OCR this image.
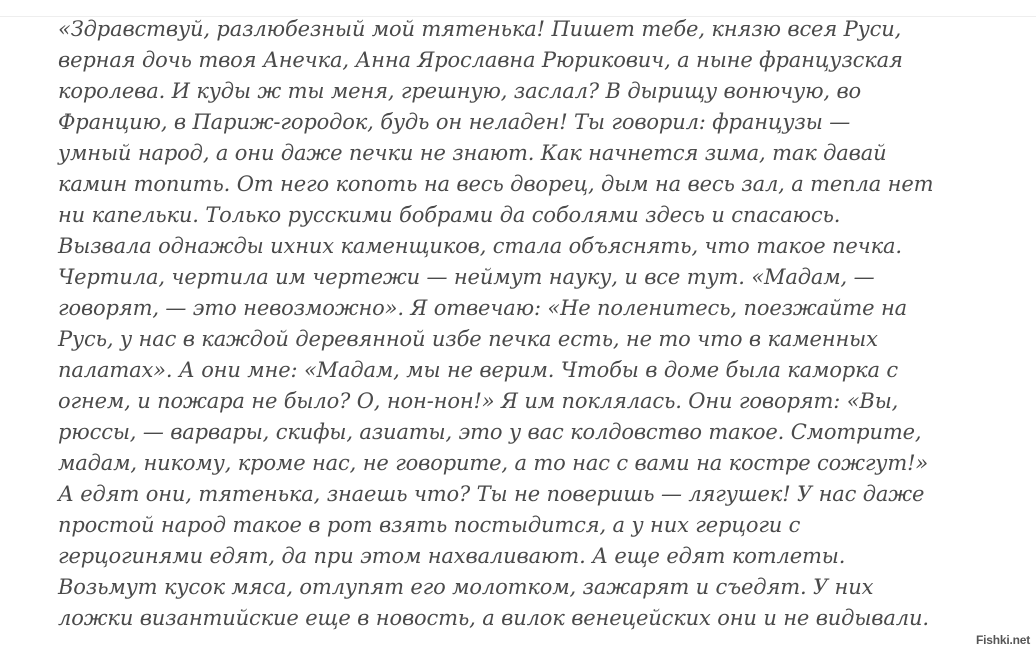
«Здравствуй, разлюбезный мой тятенька! Пишет тебе, князю всея Руси,
верная дочь твоя Анечка, Анна Ярославна Рюрикович, а ныне французская
королева. И куды ж ты меня, грешную, заслал? В дырищу вонючую, во
Францию, в Париж-городок, будь он неладен! Ты говорил: французы —
умный народ, а они даже печки не знают. Как начнется зима, так давай
камин топить. От него копоть на весь дворец, дым на весь зал, а тепла нет
ни капельки. Только русскими бобрами да соболями здесь и спасаюсь.
Вызвала однажды ихних каменщиков, стала объяснять, что такое печка.
Чертила, чертила им чертежи — неймут науку, и все тут. «Мадам, —
говорят, — это невозможно». Я отвечаю: «Не поленитесь, поезжайте на
Русь, у нас в каждой деревянной избе печка есть, не то что в каменных
палатах». А они мне: «Мадам, мы не верим. Чтобы в доме была каморка с
огнем, и пожара не было? О, нон-нон!» Я им поклялась. Они говорят: «Вы,
рюссы, — варвары, скифы, азиаты, это у вас колдовство такое. Смотрите,
мадам, никому, кроме нас, не говорите, а то нас с вами на костре сожгут!»
А едят они, тятенька, знаешь что? Ты не поверишь — лягушек! У нас даже
простой народ такое в рот взять постыдится, а у них герцоги с
герцогинями едят, да при этом нахваливают. А еще едят котлеты.
Возьмут кусок мяса, отлупят его молотком, зажарят и съедят. У них
ложки византийские еще в новость, а вилок венецейских они и не видывали.
Fishki.net
